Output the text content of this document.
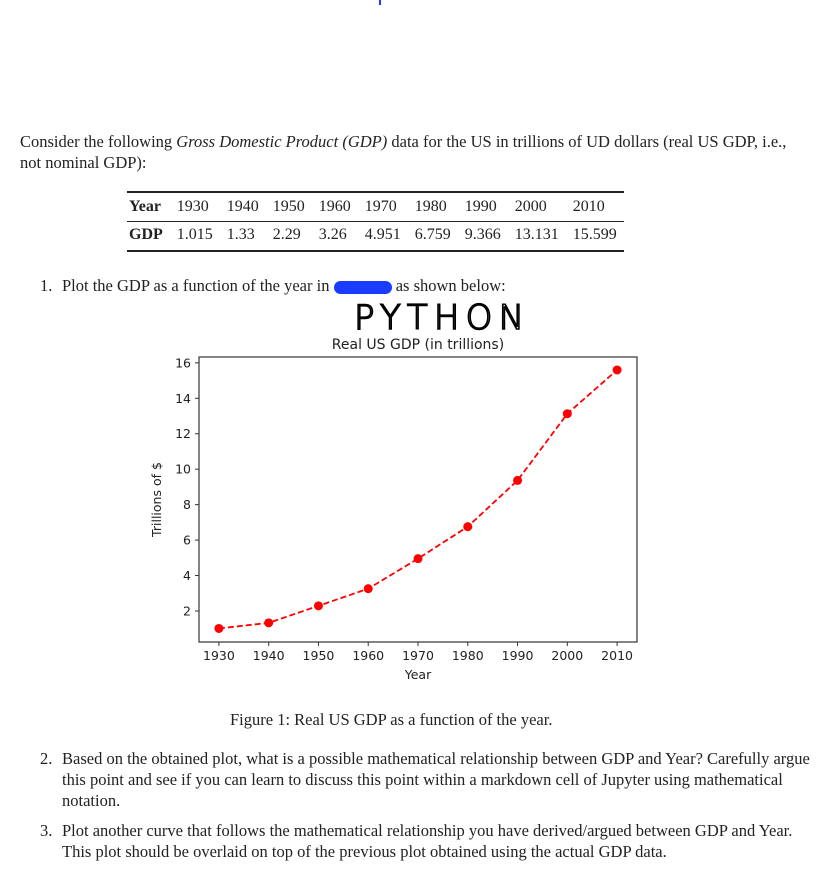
Consider the following Gross Domestic Product (GDP) data for the US in trillions of UD dollars (real US GDP, i.e., not nominal GDP):
Year	1930	1940	1950	1960	1970	1980	1990	2000	2010
GDP	1.015	1.33	2.29	3.26	4.951	6.759	9.366	13.131	15.599
1. Plot the GDP as a function of the year in	as shown below:
PYTHON
Real US GDP (in trillions)
Year
Trillions of $
1930 1940 1950 1960 1970 1980 1990 2000 2010
2
4
6
8
10
12
14
16
Figure 1: Real US GDP as a function of the year.
2. Based on the obtained plot, what is a possible mathematical relationship between GDP and Year? Carefully argue this point and see if you can learn to discuss this point within a markdown cell of Jupyter using mathematical notation.
3. Plot another curve that follows the mathematical relationship you have derived/argued between GDP and Year. This plot should be overlaid on top of the previous plot obtained using the actual GDP data.
